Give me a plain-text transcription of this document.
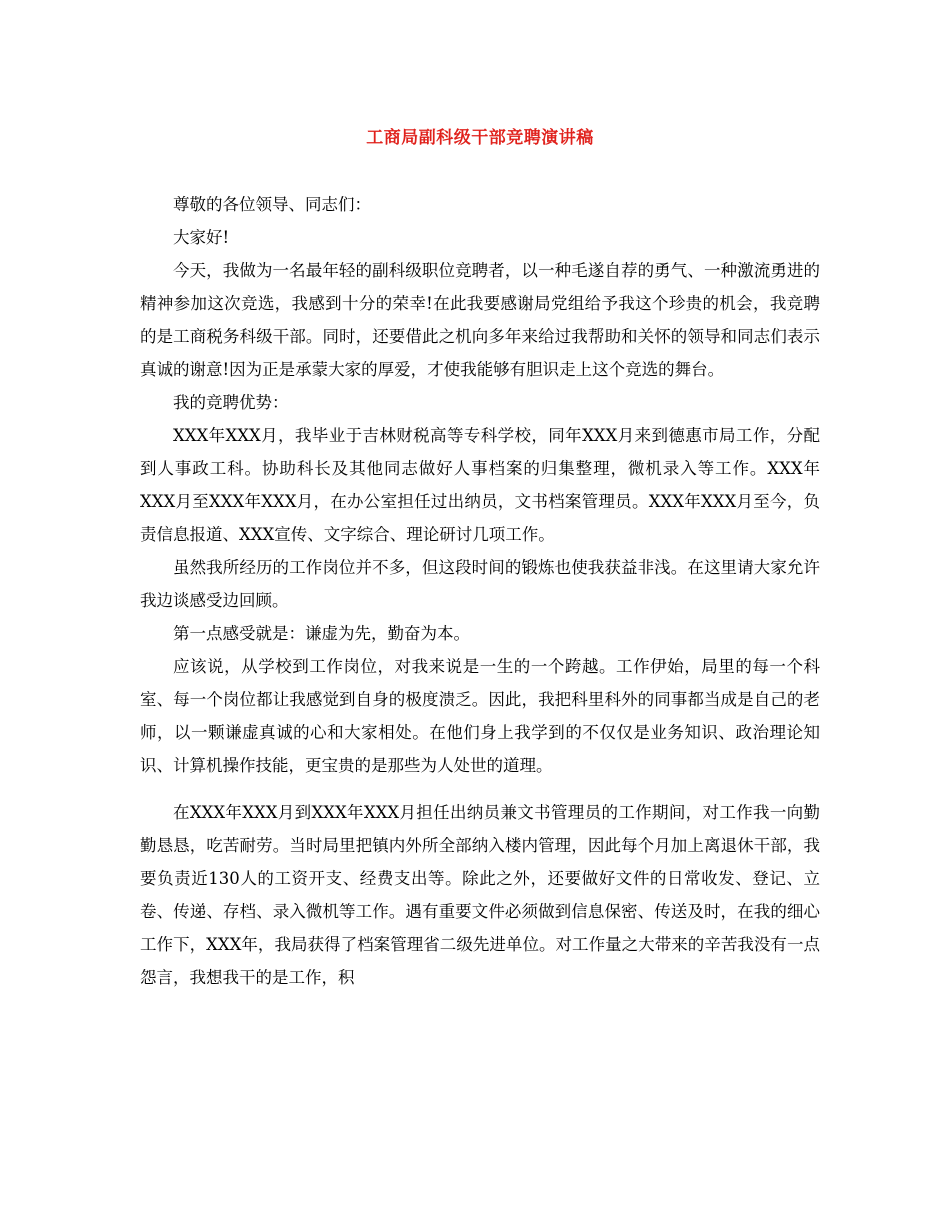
工商局副科级干部竞聘演讲稿

尊敬的各位领导、同志们：

大家好!

今天，我做为一名最年轻的副科级职位竞聘者，以一种毛遂自荐的勇气、一种激流勇进的精神参加这次竞选，我感到十分的荣幸!在此我要感谢局党组给予我这个珍贵的机会，我竞聘的是工商税务科级干部。同时，还要借此之机向多年来给过我帮助和关怀的领导和同志们表示真诚的谢意!因为正是承蒙大家的厚爱，才使我能够有胆识走上这个竞选的舞台。

我的竞聘优势：

XXX年XXX月，我毕业于吉林财税高等专科学校，同年XXX月来到德惠市局工作，分配到人事政工科。协助科长及其他同志做好人事档案的归集整理，微机录入等工作。XXX年XXX月至XXX年XXX月，在办公室担任过出纳员，文书档案管理员。XXX年XXX月至今，负责信息报道、XXX宣传、文字综合、理论研讨几项工作。

虽然我所经历的工作岗位并不多，但这段时间的锻炼也使我获益非浅。在这里请大家允许我边谈感受边回顾。

第一点感受就是：谦虚为先，勤奋为本。

应该说，从学校到工作岗位，对我来说是一生的一个跨越。工作伊始，局里的每一个科室、每一个岗位都让我感觉到自身的极度溃乏。因此，我把科里科外的同事都当成是自己的老师，以一颗谦虚真诚的心和大家相处。在他们身上我学到的不仅仅是业务知识、政治理论知识、计算机操作技能，更宝贵的是那些为人处世的道理。

在XXX年XXX月到XXX年XXX月担任出纳员兼文书管理员的工作期间，对工作我一向勤勤恳恳，吃苦耐劳。当时局里把镇内外所全部纳入楼内管理，因此每个月加上离退休干部，我要负责近130人的工资开支、经费支出等。除此之外，还要做好文件的日常收发、登记、立卷、传递、存档、录入微机等工作。遇有重要文件必须做到信息保密、传送及时，在我的细心工作下，XXX年，我局获得了档案管理省二级先进单位。对工作量之大带来的辛苦我没有一点怨言，我想我干的是工作，积
